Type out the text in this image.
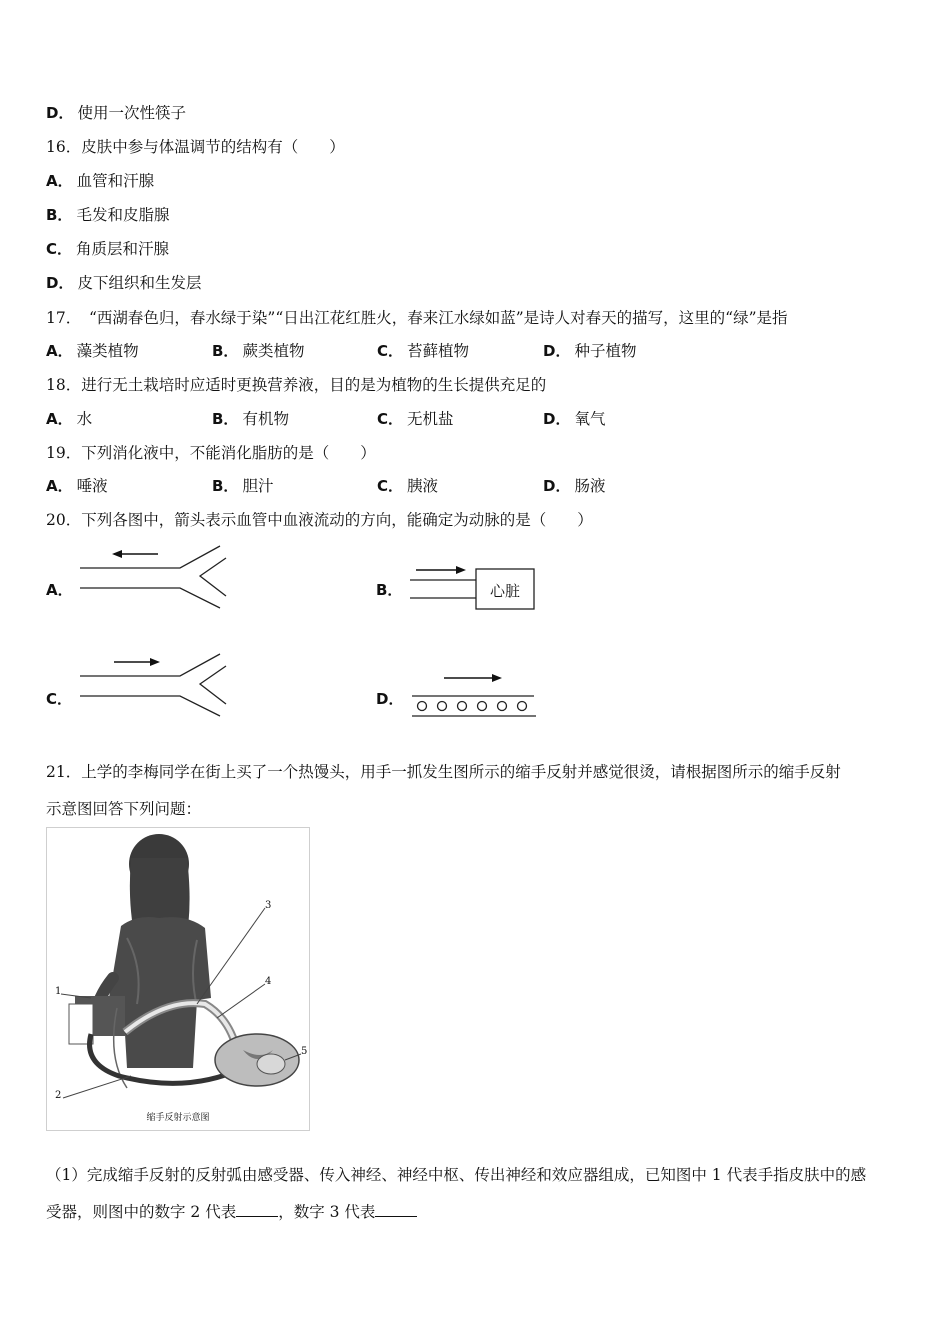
D． 使用一次性筷子
16．皮肤中参与体温调节的结构有（　　）
A． 血管和汗腺
B． 毛发和皮脂腺
C． 角质层和汗腺
D． 皮下组织和生发层
17．　“西湖春色归，春水绿于染”“日出江花红胜火，春来江水绿如蓝”是诗人对春天的描写，这里的“绿”是指
A． 藻类植物	B． 蕨类植物	C． 苔藓植物	D． 种子植物
18．进行无土栽培时应适时更换营养液，目的是为植物的生长提供充足的
A． 水	B． 有机物	C． 无机盐	D． 氧气
19．下列消化液中，不能消化脂肪的是（　　）
A． 唾液	B． 胆汁	C． 胰液	D． 肠液
20．下列各图中，箭头表示血管中血液流动的方向，能确定为动脉的是（　　）
A．	B．	心脏
C．	D．
21．上学的李梅同学在街上买了一个热馒头，用手一抓发生图所示的缩手反射并感觉很烫，请根据图所示的缩手反射
示意图回答下列问题：
1
2
3
4
5
缩手反射示意图
（1）完成缩手反射的反射弧由感受器、传入神经、神经中枢、传出神经和效应器组成，已知图中 1 代表手指皮肤中的感
受器，则图中的数字 2 代表	，数字 3 代表
